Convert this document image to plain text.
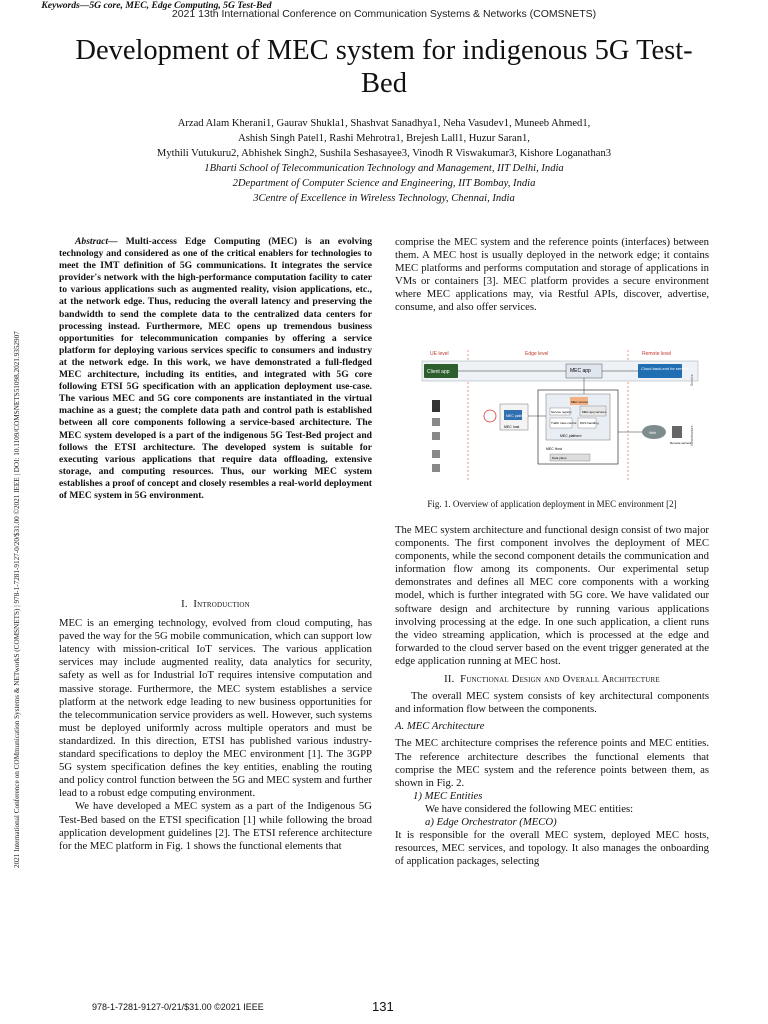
2021 13th International Conference on Communication Systems & Networks (COMSNETS)
Development of MEC system for indigenous 5G Test-Bed
Arzad Alam Kherani1, Gaurav Shukla1, Shashvat Sanadhya1, Neha Vasudev1, Muneeb Ahmed1,
Ashish Singh Patel1, Rashi Mehrotra1, Brejesh Lall1, Huzur Saran1,
Mythili Vutukuru2, Abhishek Singh2, Sushila Seshasayee3, Vinodh R Viswakumar3, Kishore Loganathan3
1Bharti School of Telecommunication Technology and Management, IIT Delhi, India
2Department of Computer Science and Engineering, IIT Bombay, India
3Centre of Excellence in Wireless Technology, Chennai, India
2021 International Conference on COMmunication Systems & NETworkS (COMSNETS) | 978-1-7281-9127-0/20/$31.00 ©2021 IEEE | DOI: 10.1109/COMSNETS51098.2021.9352907
Abstract— Multi-access Edge Computing (MEC) is an evolving technology and considered as one of the critical enablers for technologies to meet the IMT definition of 5G communications. It integrates the service provider's network with the high-performance computation facility to cater to various applications such as augmented reality, vision applications, etc., at the network edge. Thus, reducing the overall latency and preserving the bandwidth to send the complete data to the centralized data centers for processing instead. Furthermore, MEC opens up tremendous business opportunities for telecommunication companies by offering a service platform for deploying various services specific to consumers and industry at the network edge. In this work, we have demonstrated a full-fledged MEC architecture, including its entities, and integrated with 5G core following ETSI 5G specification with an application deployment use-case. The various MEC and 5G core components are instantiated in the virtual machine as a guest; the complete data path and control path is established between all core components following a service-based architecture. The MEC system developed is a part of the indigenous 5G Test-Bed project and follows the ETSI architecture. The developed system is suitable for executing various applications that require data offloading, extensive storage, and computing resources. Thus, our working MEC system establishes a proof of concept and closely resembles a real-world deployment of MEC system in 5G environment.
Keywords—5G core, MEC, Edge Computing, 5G Test-Bed
I. Introduction

MEC is an emerging technology, evolved from cloud computing, has paved the way for the 5G mobile communication, which can support low latency with mission-critical IoT services. The various application services may include augmented reality, data analytics for security, safety as well as for Industrial IoT requires intensive computation and massive storage. Furthermore, the MEC system establishes a service platform at the network edge leading to new business opportunities for the telecommunication service providers as well. However, such systems must be deployed uniformly across multiple operators and must be standardized. In this direction, ETSI has published various industry-standard specifications to deploy the MEC environment [1]. The 3GPP 5G system specification defines the key entities, enabling the routing and policy control function between the 5G and MEC system and further lead to a robust edge computing environment.

We have developed a MEC system as a part of the Indigenous 5G Test-Bed based on the ETSI specification [1] while following the broad application development guidelines [2]. The ETSI reference architecture for the MEC platform in Fig. 1 shows the functional elements that

comprise the MEC system and the reference points (interfaces) between them. A MEC host is usually deployed in the network edge; it contains MEC platforms and performs computation and storage of applications in VMs or containers [3]. MEC platform provides a secure environment where MEC applications may, via Restful APIs, discover, advertise, consume, and also offer services.
UE level	Edge level	Remote level
Client app	MEC app	Cloud back-end for service
Service
MEC platform
MEC host
MEC service
Service registry	MEC app services
Traffic rules control DNS handling
MEC platform
Data plane
MEC Host
Web
Remote servers
Infrastructure
Fig. 1. Overview of application deployment in MEC environment [2]

The MEC system architecture and functional design consist of two major components. The first component involves the deployment of MEC components, while the second component details the communication and information flow among its components. Our experimental setup demonstrates and defines all MEC core components with a working model, which is further integrated with 5G core. We have validated our software design and architecture by running various applications involving processing at the edge. In one such application, a client runs the video streaming application, which is processed at the edge and forwarded to the cloud server based on the event trigger generated at the edge application running at MEC host.

II. Functional Design and Overall Architecture

The overall MEC system consists of key architectural components and information flow between the components.

A. MEC Architecture

The MEC architecture comprises the reference points and MEC entities. The reference architecture describes the functional elements that comprise the MEC system and the reference points between them, as shown in Fig. 2.

1) MEC Entities

We have considered the following MEC entities:

a) Edge Orchestrator (MECO)

It is responsible for the overall MEC system, deployed MEC hosts, resources, MEC services, and topology. It also manages the onboarding of application packages, selecting

978-1-7281-9127-0/21/$31.00 ©2021 IEEE	131
